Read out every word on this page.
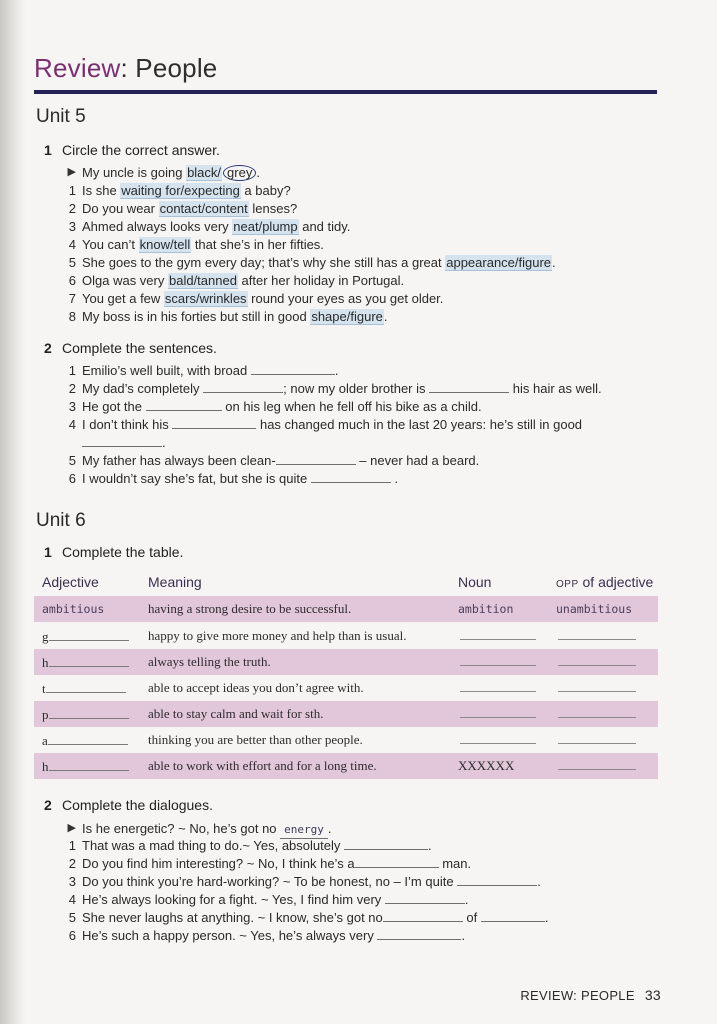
Review: People
Unit 5
1 Circle the correct answer.
▶ My uncle is going black/ grey .
1 Is she waiting for/expecting a baby?
2 Do you wear contact/content lenses?
3 Ahmed always looks very neat/plump and tidy.
4 You can’t know/tell that she’s in her fifties.
5 She goes to the gym every day; that’s why she still has a great appearance/figure.
6 Olga was very bald/tanned after her holiday in Portugal.
7 You get a few scars/wrinkles round your eyes as you get older.
8 My boss is in his forties but still in good shape/figure.
2 Complete the sentences.
1 Emilio’s well built, with broad	.
2 My dad’s completely	; now my older brother is	his hair as well.
3 He got the	on his leg when he fell off his bike as a child.
4 I don’t think his	has changed much in the last 20 years: he’s still in good
.
5 My father has always been clean-	– never had a beard.
6 I wouldn’t say she’s fat, but she is quite	.
Unit 6
1 Complete the table.
Adjective	Meaning	Noun	OPP of adjective
ambitious	having a strong desire to be successful.	ambition	unambitious
g	happy to give more money and help than is usual.
h	always telling the truth.
t	able to accept ideas you don’t agree with.
p	able to stay calm and wait for sth.
a	thinking you are better than other people.
h	able to work with effort and for a long time.	XXXXXX
2 Complete the dialogues.
▶ Is he energetic? ~ No, he’s got no energy .
1 That was a mad thing to do.~ Yes, absolutely	.
2 Do you find him interesting? ~ No, I think he’s a	man.
3 Do you think you’re hard-working? ~ To be honest, no – I’m quite	.
4 He’s always looking for a fight. ~ Yes, I find him very	.
5 She never laughs at anything. ~ I know, she’s got no	of	.
6 He’s such a happy person. ~ Yes, he’s always very	.
REVIEW: PEOPLE 33
